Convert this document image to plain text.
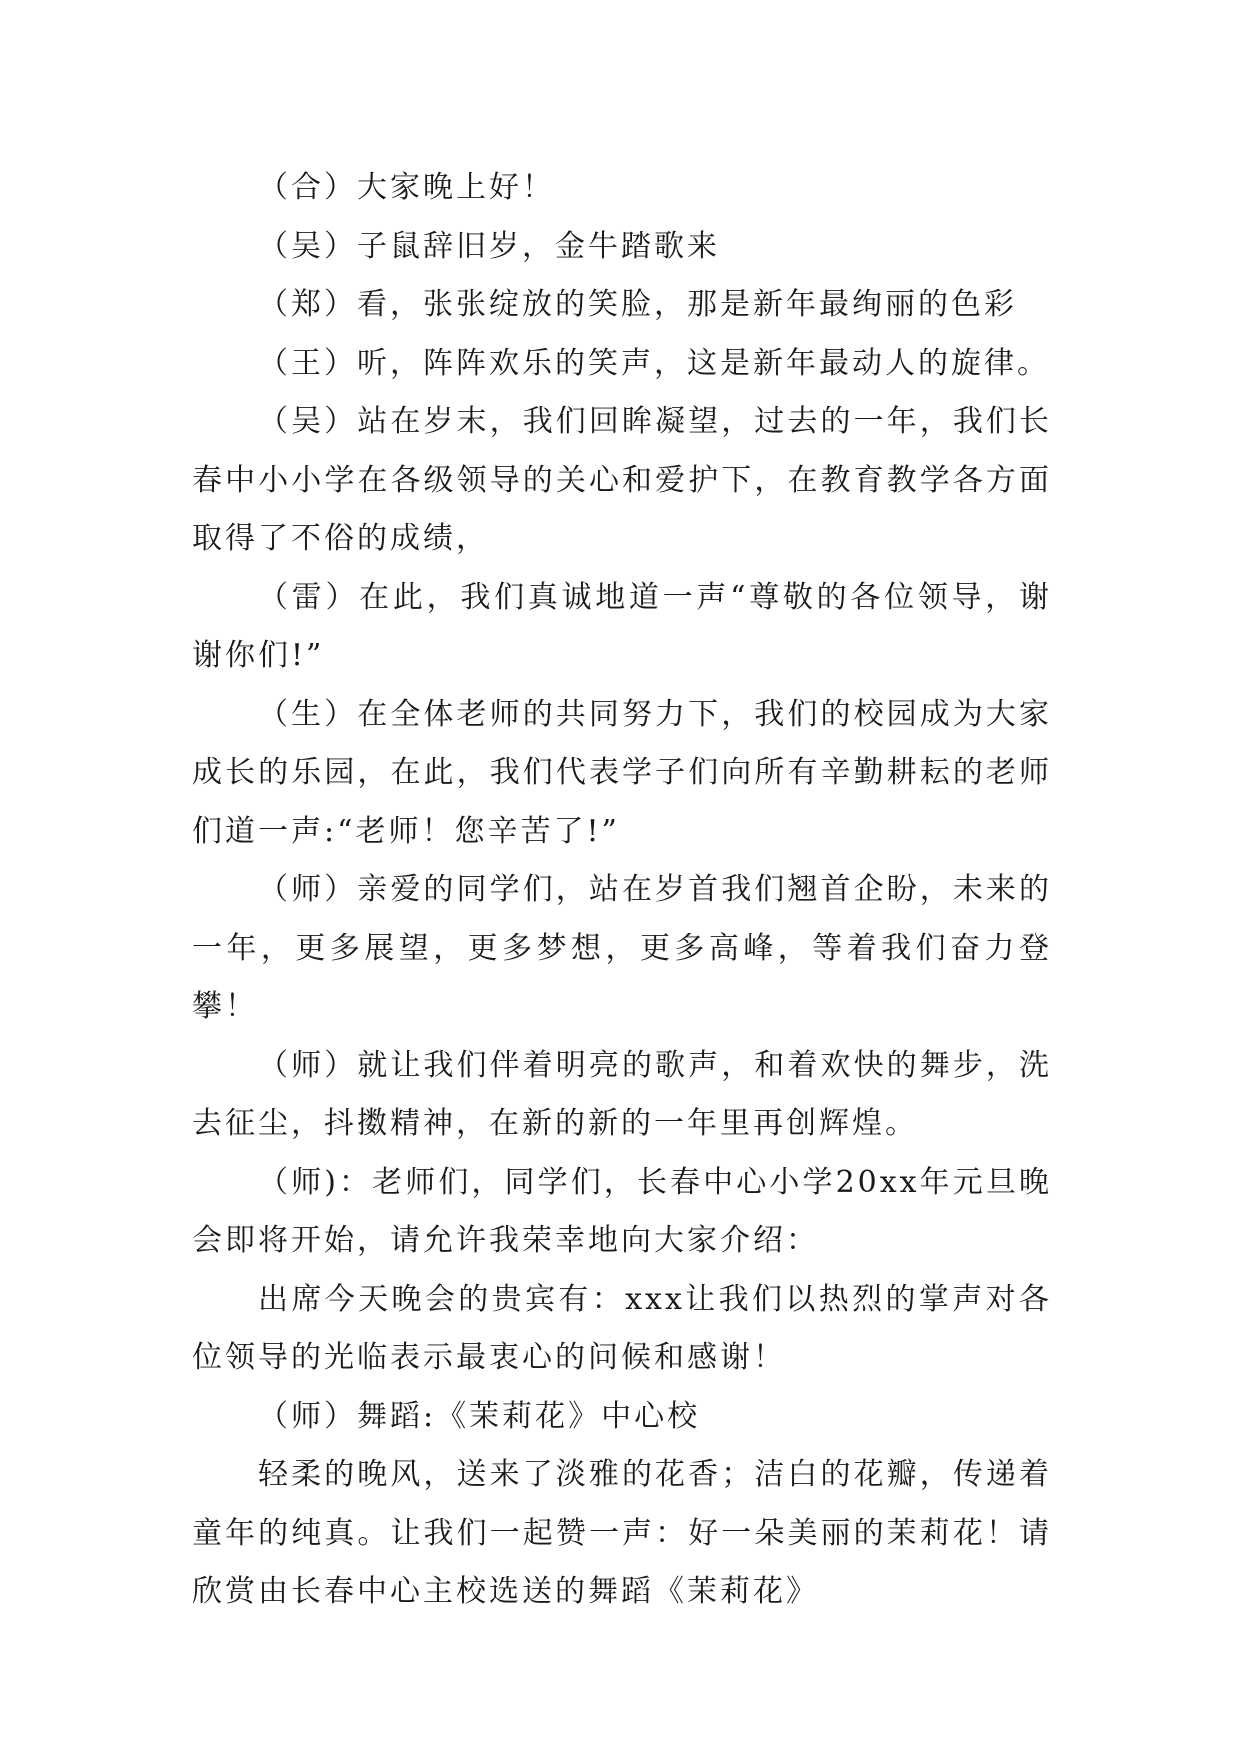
（合）大家晚上好！

（吴）子鼠辞旧岁，金牛踏歌来

（郑）看，张张绽放的笑脸，那是新年最绚丽的色彩

（王）听，阵阵欢乐的笑声，这是新年最动人的旋律。

（吴）站在岁末，我们回眸凝望，过去的一年，我们长春中小小学在各级领导的关心和爱护下，在教育教学各方面取得了不俗的成绩，

（雷）在此，我们真诚地道一声“尊敬的各位领导，谢谢你们!”

（生）在全体老师的共同努力下，我们的校园成为大家成长的乐园，在此，我们代表学子们向所有辛勤耕耘的老师们道一声:“老师！您辛苦了!”

（师）亲爱的同学们，站在岁首我们翘首企盼，未来的一年，更多展望，更多梦想，更多高峰，等着我们奋力登攀！

（师）就让我们伴着明亮的歌声，和着欢快的舞步，洗去征尘，抖擞精神，在新的新的一年里再创辉煌。

（师)：老师们，同学们，长春中心小学20xx年元旦晚会即将开始，请允许我荣幸地向大家介绍：

出席今天晚会的贵宾有：xxx让我们以热烈的掌声对各位领导的光临表示最衷心的问候和感谢！

（师）舞蹈:《茉莉花》中心校

轻柔的晚风，送来了淡雅的花香；洁白的花瓣，传递着童年的纯真。让我们一起赞一声：好一朵美丽的茉莉花！请欣赏由长春中心主校选送的舞蹈《茉莉花》
